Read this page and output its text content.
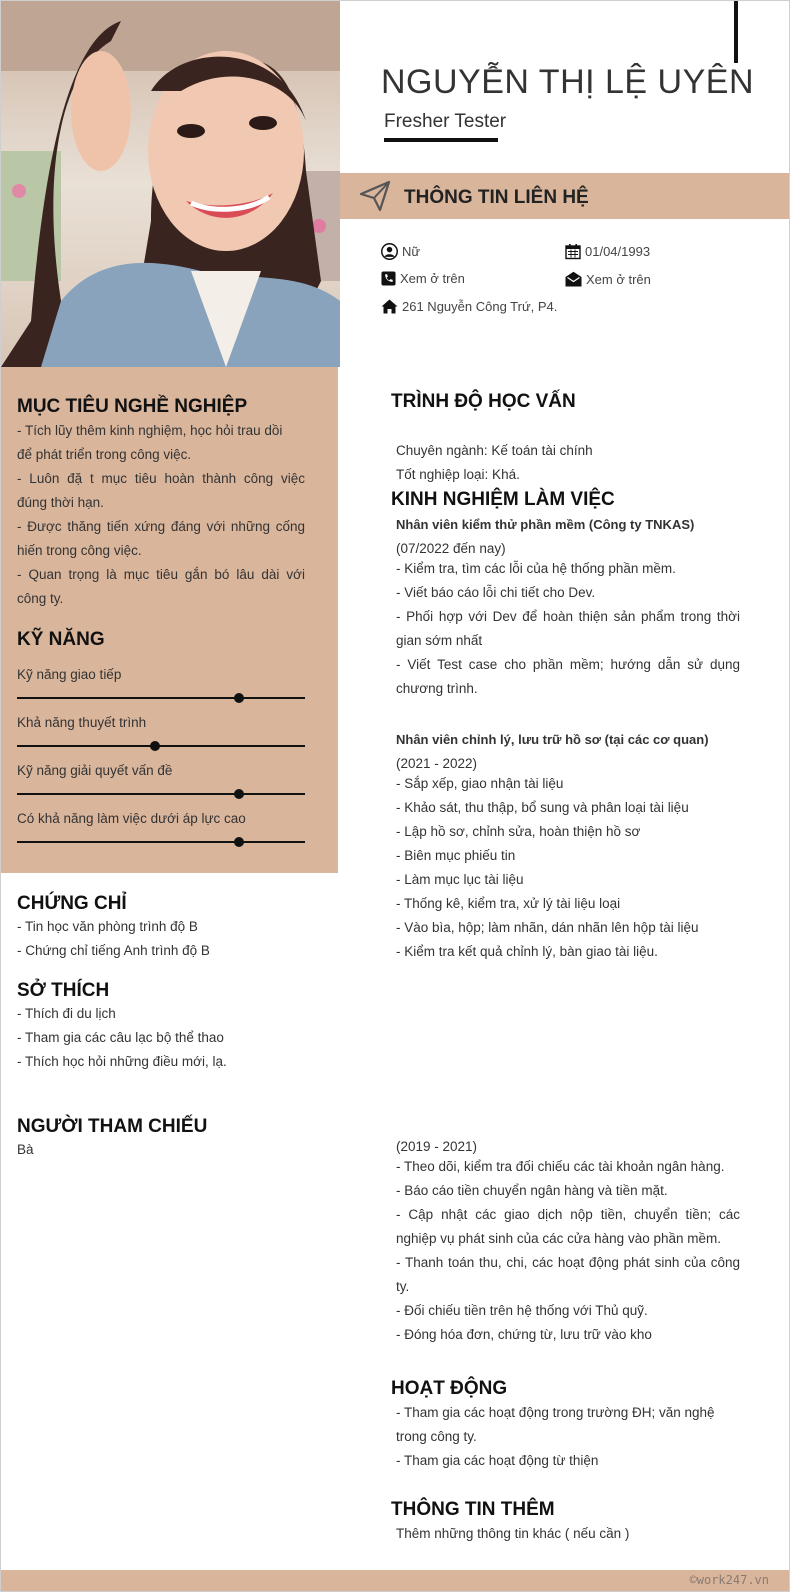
NGUYỄN THỊ LỆ UYÊN
Fresher Tester
THÔNG TIN LIÊN HỆ
Nữ	01/04/1993
Xem ở trên	Xem ở trên
261 Nguyễn Công Trứ, P4.
MỤC TIÊU NGHỀ NGHIỆP
- Tích lũy thêm kinh nghiệm, học hỏi trau dồi
để phát triển trong công việc.
- Luôn đặ t mục tiêu hoàn thành công việc
đúng thời hạn.
- Được thăng tiến xứng đáng với những cống
hiến trong công việc.
- Quan trọng là mục tiêu gắn bó lâu dài với
công ty.
KỸ NĂNG
Kỹ năng giao tiếp
Khả năng thuyết trình
Kỹ năng giải quyết vấn đề
Có khả năng làm việc dưới áp lực cao
CHỨNG CHỈ
- Tin học văn phòng trình độ B
- Chứng chỉ tiếng Anh trình độ B
SỞ THÍCH
- Thích đi du lịch
- Tham gia các câu lạc bộ thể thao
- Thích học hỏi những điều mới, lạ.
NGƯỜI THAM CHIẾU
Bà
TRÌNH ĐỘ HỌC VẤN
Chuyên ngành: Kế toán tài chính
Tốt nghiệp loại: Khá.
KINH NGHIỆM LÀM VIỆC
Nhân viên kiểm thử phần mềm (Công ty TNKAS)
(07/2022 đến nay)
- Kiểm tra, tìm các lỗi của hệ thống phần mềm.
- Viết báo cáo lỗi chi tiết cho Dev.
- Phối hợp với Dev để hoàn thiện sản phẩm trong thời
gian sớm nhất
- Viết Test case cho phần mềm; hướng dẫn sử dụng
chương trình.
Nhân viên chỉnh lý, lưu trữ hồ sơ (tại các cơ quan)
(2021 - 2022)
- Sắp xếp, giao nhận tài liệu
- Khảo sát, thu thập, bổ sung và phân loại tài liệu
- Lập hồ sơ, chỉnh sửa, hoàn thiện hồ sơ
- Biên mục phiếu tin
- Làm mục lục tài liệu
- Thống kê, kiểm tra, xử lý tài liệu loại
- Vào bìa, hộp; làm nhãn, dán nhãn lên hộp tài liệu
- Kiểm tra kết quả chỉnh lý, bàn giao tài liệu.
(2019 - 2021)
- Theo dõi, kiểm tra đối chiếu các tài khoản ngân hàng.
- Báo cáo tiền chuyển ngân hàng và tiền mặt.
- Cập nhật các giao dịch nộp tiền, chuyển tiền; các
nghiệp vụ phát sinh của các cửa hàng vào phần mềm.
- Thanh toán thu, chi, các hoạt động phát sinh của công
ty.
- Đối chiếu tiền trên hệ thống với Thủ quỹ.
- Đóng hóa đơn, chứng từ, lưu trữ vào kho
HOẠT ĐỘNG
- Tham gia các hoạt động trong trường ĐH; văn nghệ
trong công ty.
- Tham gia các hoạt động từ thiện
THÔNG TIN THÊM
Thêm những thông tin khác ( nếu cần )
©work247.vn
